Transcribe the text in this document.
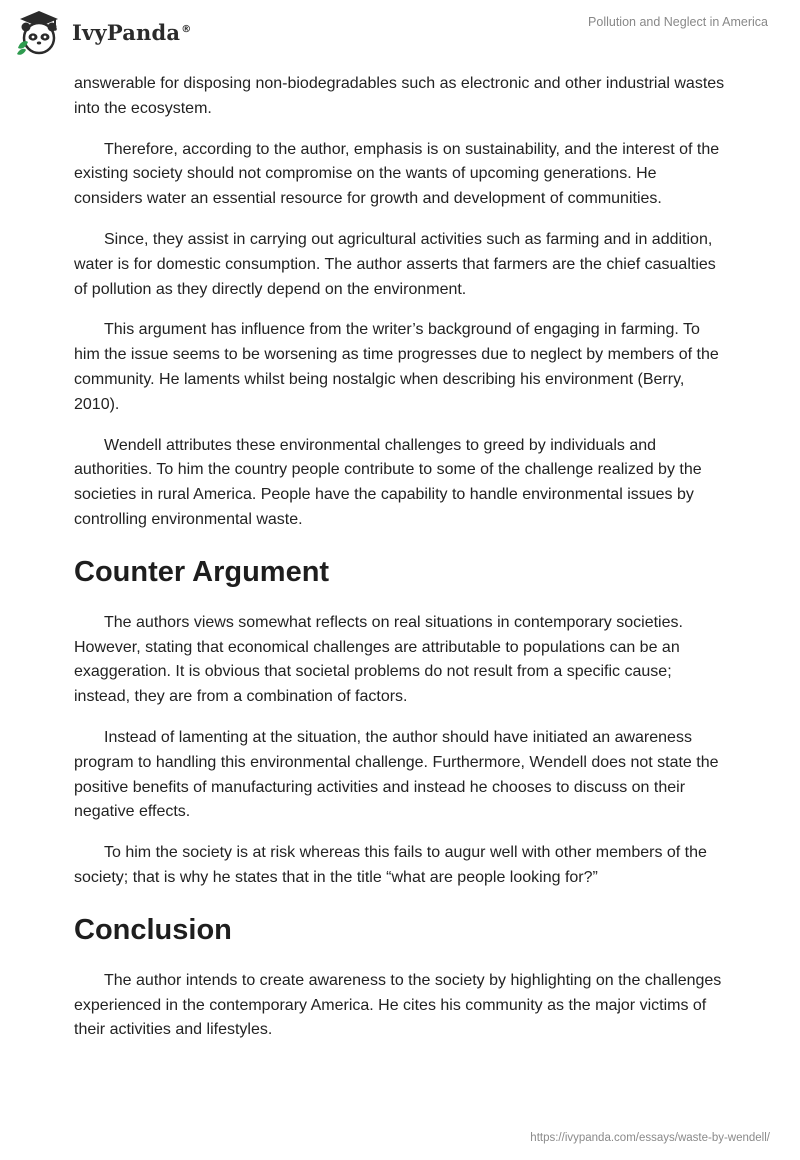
IvyPanda®	Pollution and Neglect in America

answerable for disposing non-biodegradables such as electronic and other industrial wastes into the ecosystem.

Therefore, according to the author, emphasis is on sustainability, and the interest of the existing society should not compromise on the wants of upcoming generations. He considers water an essential resource for growth and development of communities.

Since, they assist in carrying out agricultural activities such as farming and in addition, water is for domestic consumption. The author asserts that farmers are the chief casualties of pollution as they directly depend on the environment.

This argument has influence from the writer’s background of engaging in farming. To him the issue seems to be worsening as time progresses due to neglect by members of the community. He laments whilst being nostalgic when describing his environment (Berry, 2010).

Wendell attributes these environmental challenges to greed by individuals and authorities. To him the country people contribute to some of the challenge realized by the societies in rural America. People have the capability to handle environmental issues by controlling environmental waste.

Counter Argument

The authors views somewhat reflects on real situations in contemporary societies. However, stating that economical challenges are attributable to populations can be an exaggeration. It is obvious that societal problems do not result from a specific cause; instead, they are from a combination of factors.

Instead of lamenting at the situation, the author should have initiated an awareness program to handling this environmental challenge. Furthermore, Wendell does not state the positive benefits of manufacturing activities and instead he chooses to discuss on their negative effects.

To him the society is at risk whereas this fails to augur well with other members of the society; that is why he states that in the title “what are people looking for?”

Conclusion

The author intends to create awareness to the society by highlighting on the challenges experienced in the contemporary America. He cites his community as the major victims of their activities and lifestyles.

https://ivypanda.com/essays/waste-by-wendell/
